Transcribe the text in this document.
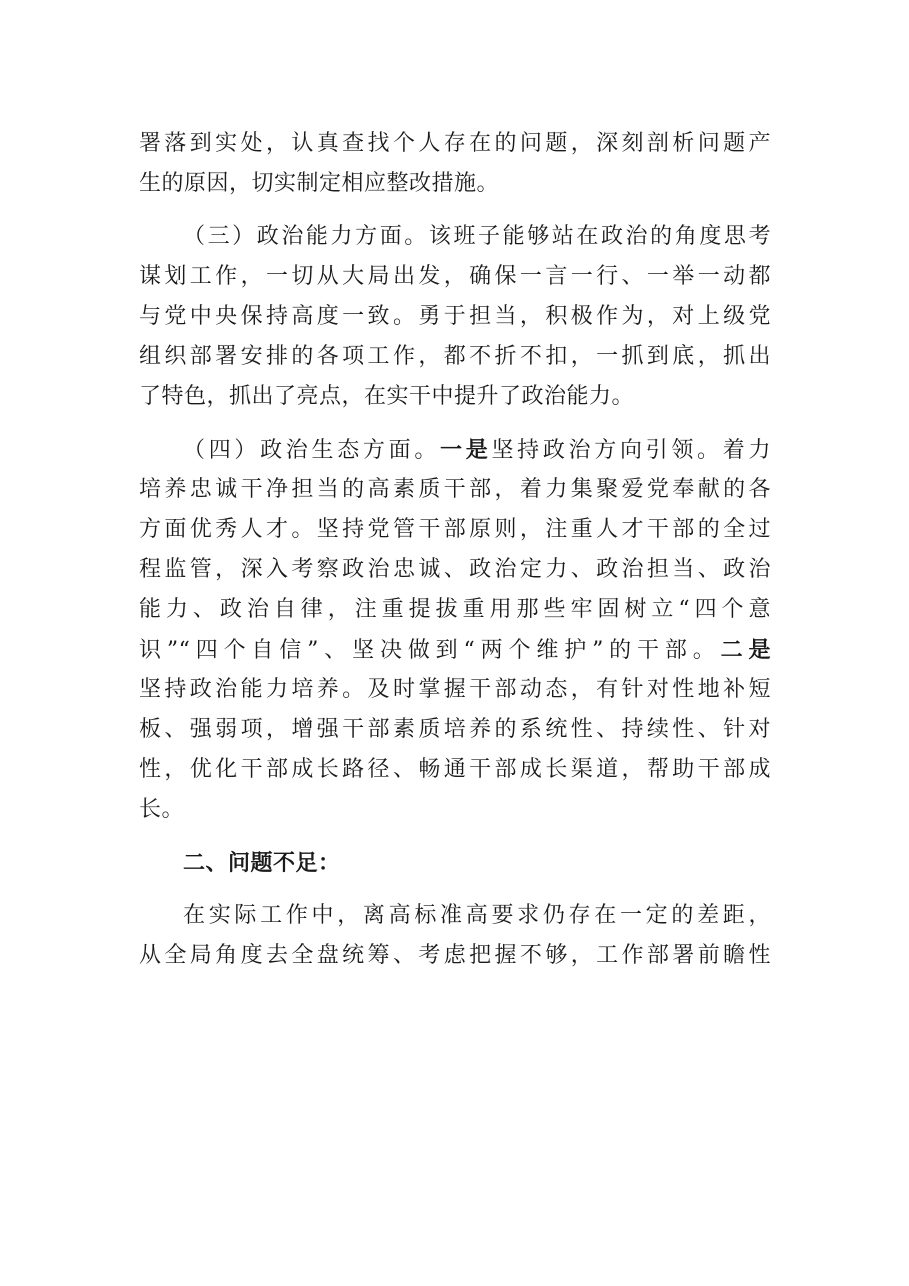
署落到实处，认真查找个人存在的问题，深刻剖析问题产
生的原因，切实制定相应整改措施。
（三）政治能力方面。该班子能够站在政治的角度思考
谋划工作，一切从大局出发，确保一言一行、一举一动都
与党中央保持高度一致。勇于担当，积极作为，对上级党
组织部署安排的各项工作，都不折不扣，一抓到底，抓出
了特色，抓出了亮点，在实干中提升了政治能力。
（四）政治生态方面。一是坚持政治方向引领。着力
培养忠诚干净担当的高素质干部，着力集聚爱党奉献的各
方面优秀人才。坚持党管干部原则，注重人才干部的全过
程监管，深入考察政治忠诚、政治定力、政治担当、政治
能力、政治自律，注重提拔重用那些牢固树立“四个意
识”“四个自信”、坚决做到“两个维护”的干部。二是
坚持政治能力培养。及时掌握干部动态，有针对性地补短
板、强弱项，增强干部素质培养的系统性、持续性、针对
性，优化干部成长路径、畅通干部成长渠道，帮助干部成
长。
二、问题不足：
在实际工作中，离高标准高要求仍存在一定的差距，
从全局角度去全盘统筹、考虑把握不够，工作部署前瞻性
